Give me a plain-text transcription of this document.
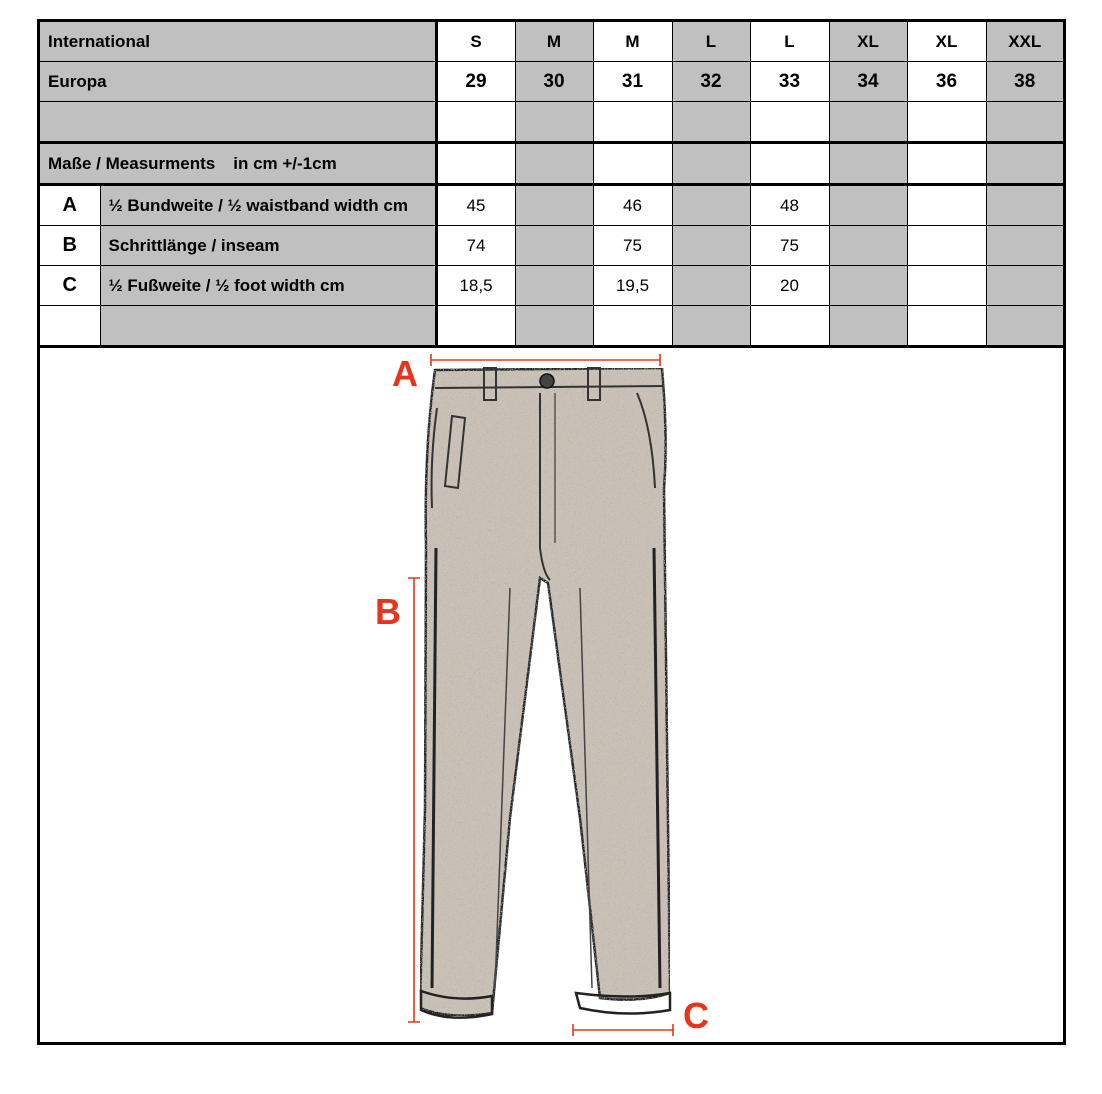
International		S	M	M	L	L	XL	XL	XXL
Europa		29	30	31	32	33	34	36	38

Maße / Measurments in cm +/-1cm									
A	½ Bundweite / ½ waistband width cm	45		46		48			
B	Schrittlänge / inseam	74		75		75			
C	½ Fußweite / ½ foot width cm	18,5		19,5		20			

A
B
C
